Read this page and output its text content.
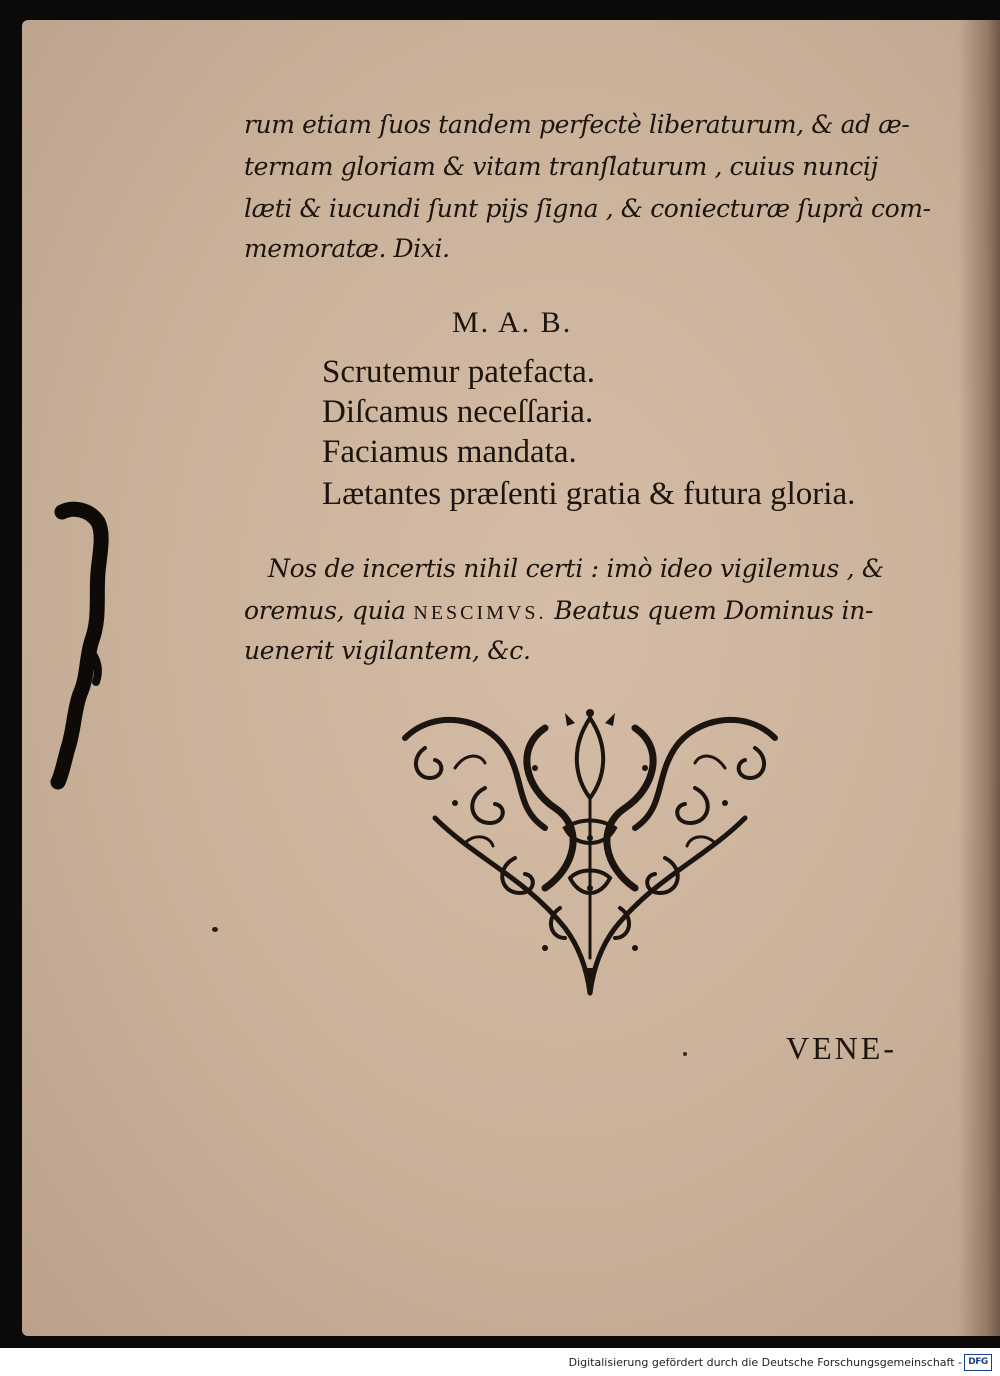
rum etiam ſuos tandem perfectè liberaturum, & ad æ-
ternam gloriam & vitam tranſlaturum , cuius nuncij
læti & iucundi ſunt pijs ſigna , & coniecturæ ſuprà com-
memoratæ. Dixi.
M. A. B.
Scrutemur patefacta.
Diſcamus neceſſaria.
Faciamus mandata.
Lætantes præſenti gratia & futura gloria.
Nos de incertis nihil certi : imò ideo vigilemus , &
oremus, quia NESCIMVS. Beatus quem Dominus in-
uenerit vigilantem, &c.
VENE-
Digitalisierung gefördert durch die Deutsche Forschungsgemeinschaft - DFG
